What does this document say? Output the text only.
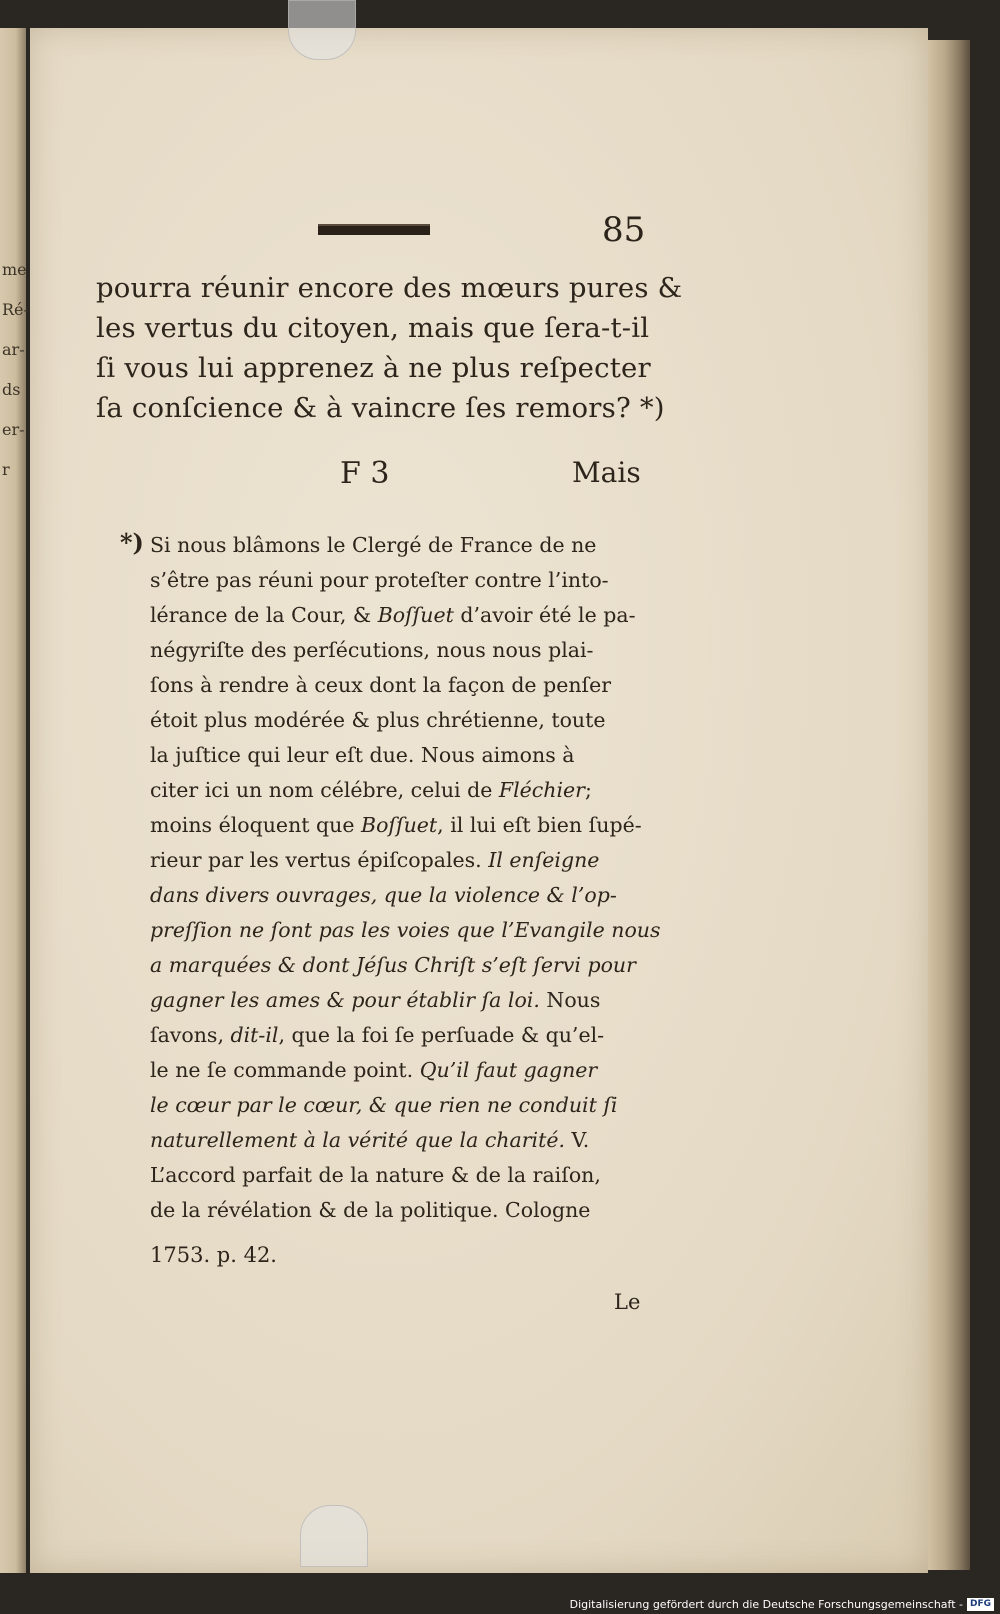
me
Ré-
ar-
ds
er-
r
85
pourra réunir encore des mœurs pures &
les vertus du citoyen, mais que ſera-t-il
ſi vous lui apprenez à ne plus reſpecter
ſa conſcience & à vaincre ſes remors? *)
F 3	Mais
*) Si nous blâmons le Clergé de France de ne
s’être pas réuni pour proteſter contre l’into-
lérance de la Cour, & Boſſuet d’avoir été le pa-
négyriſte des perſécutions, nous nous plai-
ſons à rendre à ceux dont la façon de penſer
étoit plus modérée & plus chrétienne, toute
la juſtice qui leur eſt due. Nous aimons à
citer ici un nom célébre, celui de Fléchier;
moins éloquent que Boſſuet, il lui eſt bien ſupé-
rieur par les vertus épiſcopales. Il enſeigne
dans divers ouvrages, que la violence & l’op-
preſſion ne ſont pas les voies que l’Evangile nous
a marquées & dont Jéſus Chriſt s’eſt ſervi pour
gagner les ames & pour établir ſa loi. Nous
ſavons, dit-il, que la foi ſe perſuade & qu’el-
le ne ſe commande point. Qu’il faut gagner
le cœur par le cœur, & que rien ne conduit ſi
naturellement à la vérité que la charité. V.
L’accord parfait de la nature & de la raiſon,
de la révélation & de la politique. Cologne
1753. p. 42.
Le
Digitalisierung gefördert durch die Deutsche Forschungsgemeinschaft - DFG
